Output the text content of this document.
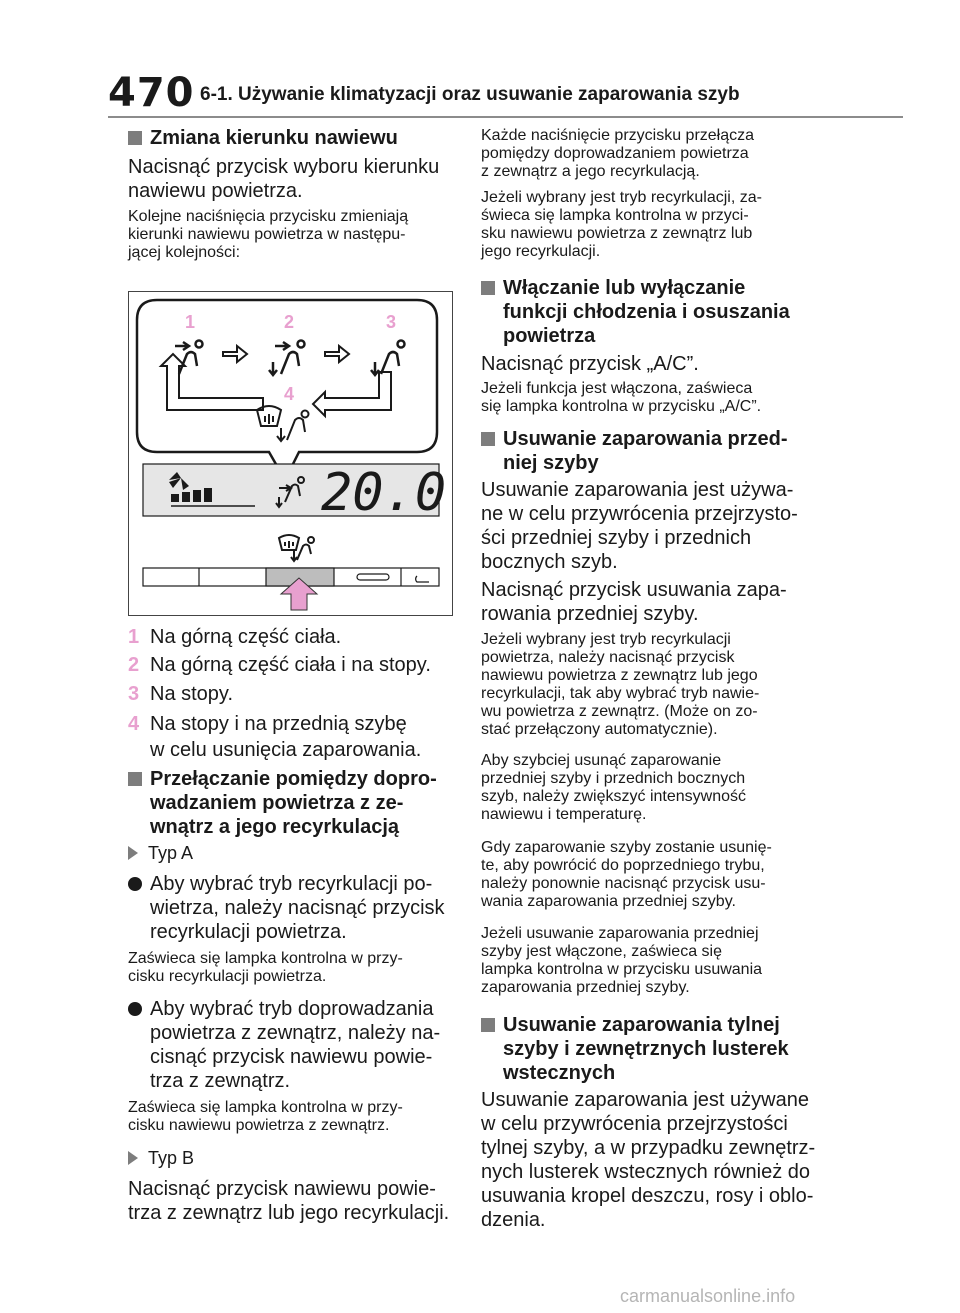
470 6-1. Używanie klimatyzacji oraz usuwanie zaparowania szyb
Zmiana kierunku nawiewu
Nacisnąć przycisk wyboru kierunku
nawiewu powietrza.
Kolejne naciśnięcia przycisku zmieniają
kierunki nawiewu powietrza w następu-
jącej kolejności:
1	2	3
4
20.0
1 Na górną część ciała.
2 Na górną część ciała i na stopy.
3 Na stopy.
4 Na stopy i na przednią szybę
w celu usunięcia zaparowania.
Przełączanie pomiędzy dopro-
wadzaniem powietrza z ze-
wnątrz a jego recyrkulacją
Typ A
Aby wybrać tryb recyrkulacji po-
wietrza, należy nacisnąć przycisk
recyrkulacji powietrza.
Zaświeca się lampka kontrolna w przy-
cisku recyrkulacji powietrza.
Aby wybrać tryb doprowadzania
powietrza z zewnątrz, należy na-
cisnąć przycisk nawiewu powie-
trza z zewnątrz.
Zaświeca się lampka kontrolna w przy-
cisku nawiewu powietrza z zewnątrz.
Typ B
Nacisnąć przycisk nawiewu powie-
trza z zewnątrz lub jego recyrkulacji.
Każde naciśnięcie przycisku przełącza
pomiędzy doprowadzaniem powietrza
z zewnątrz a jego recyrkulacją.
Jeżeli wybrany jest tryb recyrkulacji, za-
świeca się lampka kontrolna w przyci-
sku nawiewu powietrza z zewnątrz lub
jego recyrkulacji.
Włączanie lub wyłączanie
funkcji chłodzenia i osuszania
powietrza
Nacisnąć przycisk „A/C”.
Jeżeli funkcja jest włączona, zaświeca
się lampka kontrolna w przycisku „A/C”.
Usuwanie zaparowania przed-
niej szyby
Usuwanie zaparowania jest używa-
ne w celu przywrócenia przejrzysto-
ści przedniej szyby i przednich
bocznych szyb.
Nacisnąć przycisk usuwania zapa-
rowania przedniej szyby.
Jeżeli wybrany jest tryb recyrkulacji
powietrza, należy nacisnąć przycisk
nawiewu powietrza z zewnątrz lub jego
recyrkulacji, tak aby wybrać tryb nawie-
wu powietrza z zewnątrz. (Może on zo-
stać przełączony automatycznie).
Aby szybciej usunąć zaparowanie
przedniej szyby i przednich bocznych
szyb, należy zwiększyć intensywność
nawiewu i temperaturę.
Gdy zaparowanie szyby zostanie usunię-
te, aby powrócić do poprzedniego trybu,
należy ponownie nacisnąć przycisk usu-
wania zaparowania przedniej szyby.
Jeżeli usuwanie zaparowania przedniej
szyby jest włączone, zaświeca się
lampka kontrolna w przycisku usuwania
zaparowania przedniej szyby.
Usuwanie zaparowania tylnej
szyby i zewnętrznych lusterek
wstecznych
Usuwanie zaparowania jest używane
w celu przywrócenia przejrzystości
tylnej szyby, a w przypadku zewnętrz-
nych lusterek wstecznych również do
usuwania kropel deszczu, rosy i oblo-
dzenia.
carmanualsonline.info
